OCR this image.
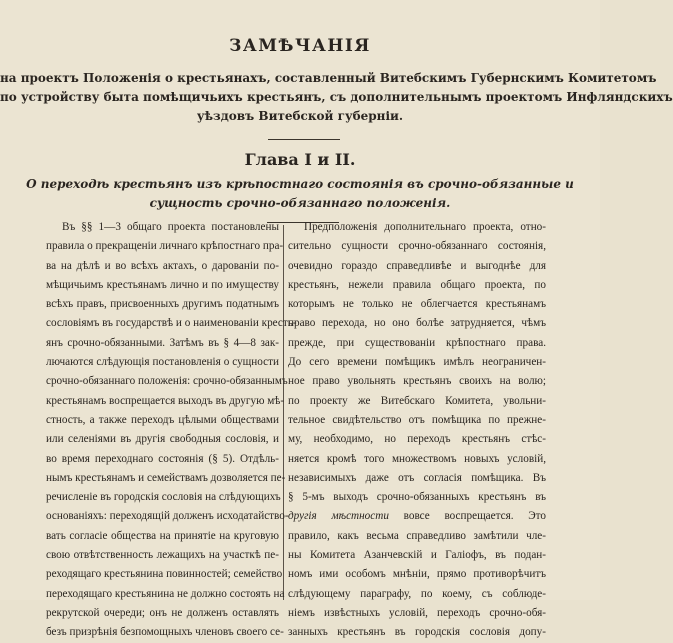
ЗАМѢЧАНІЯ
на проектъ Положенія о крестьянахъ, составленный Витебскимъ Губернскимъ Комитетомъ
по устройству быта помѣщичьихъ крестьянъ, съ дополнительнымъ проектомъ Инфляндскихъ
уѣздовъ Витебской губерніи.
Глава I и II.
О переходѣ крестьянъ изъ крѣпостнаго состоянія въ срочно-обязанные и
сущность срочно-обязаннаго положенія.
Въ §§ 1—3 общаго проекта постановлены
правила о прекращеніи личнаго крѣпостнаго пра-
ва на дѣлѣ и во всѣхъ актахъ, о дарованіи по-
мѣщичьимъ крестьянамъ лично и по имуществу
всѣхъ правъ, присвоенныхъ другимъ податнымъ
сословіямъ въ государствѣ и о наименованіи кресть-
янъ срочно-обязанными. Затѣмъ въ § 4—8 зак-
лючаются слѣдующія постановленія о сущности
срочно-обязаннаго положенія: срочно-обязаннымъ
крестьянамъ воспрещается выходъ въ другую мѣ-
стность, а также переходъ цѣлыми обществами
или селеніями въ другія свободныя сословія, и
во время переходнаго состоянія (§ 5). Отдѣль-
нымъ крестьянамъ и семействамъ дозволяется пе-
речисленіе въ городскія сословія на слѣдующихъ
основаніяхъ: переходящій долженъ исходатайство-
вать согласіе общества на принятіе на круговую
свою отвѣтственность лежащихъ на участкѣ пе-
реходящаго крестьянина повинностей; семейство
переходящаго крестьянина не должно состоять на
рекрутской очереди; онъ не долженъ оставлять
безъ призрѣнія безпомощныхъ членовъ своего се-
Предположенія дополнительнаго проекта, отно-
сительно сущности срочно-обязаннаго состоянія,
очевидно гораздо справедливѣе и выгоднѣе для
крестьянъ, нежели правила общаго проекта, по
которымъ не только не облегчается крестьянамъ
право перехода, но оно болѣе затрудняется, чѣмъ
прежде, при существованіи крѣпостнаго права.
До сего времени помѣщикъ имѣлъ неограничен-
ное право увольнять крестьянъ своихъ на волю;
по проекту же Витебскаго Комитета, увольни-
тельное свидѣтельство отъ помѣщика по прежне-
му, необходимо, но переходъ крестьянъ стѣс-
няется кромѣ того множествомъ новыхъ условій,
независимыхъ даже отъ согласія помѣщика. Въ
§ 5-мъ выходъ срочно-обязанныхъ крестьянъ въ
другія мѣстности вовсе воспрещается. Это
правило, какъ весьма справедливо замѣтили чле-
ны Комитета Азанчевскій и Галіофъ, въ подан-
номъ ими особомъ мнѣніи, прямо противорѣчитъ
слѣдующему параграфу, по коему, съ соблюде-
ніемъ извѣстныхъ условій, переходъ срочно-обя-
занныхъ крестьянъ въ городскія сословія допу-
